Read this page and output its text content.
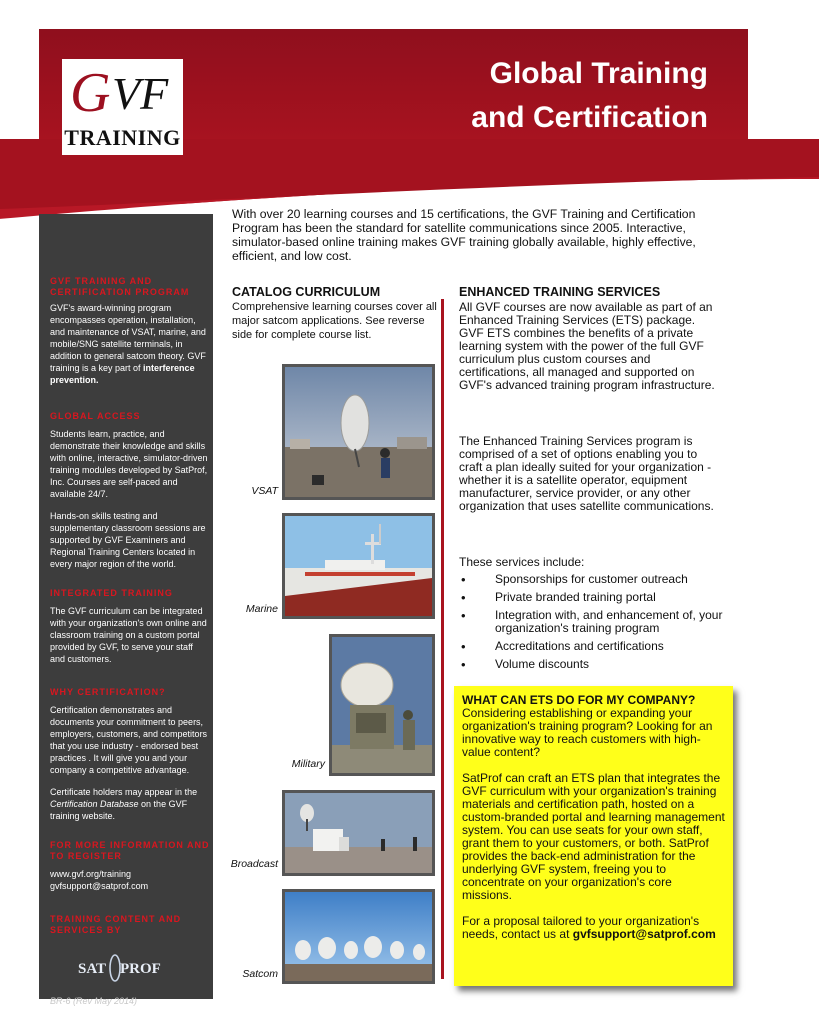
G VF
TRAINING
Global Training
and Certification
GVF TRAINING AND CERTIFICATION PROGRAM
GVF's award-winning program encompasses operation, installation, and maintenance of VSAT, marine, and mobile/SNG satellite terminals, in addition to general satcom theory. GVF training is a key part of interference prevention.
GLOBAL ACCESS
Students learn, practice, and demonstrate their knowledge and skills with online, interactive, simulator-driven training modules developed by SatProf, Inc. Courses are self-paced and available 24/7.
Hands-on skills testing and supplementary classroom sessions are supported by GVF Examiners and Regional Training Centers located in every major region of the world.
INTEGRATED TRAINING
The GVF curriculum can be integrated with your organization's own online and classroom training on a custom portal provided by GVF, to serve your staff and customers.
WHY CERTIFICATION?
Certification demonstrates and documents your commitment to peers, employers, customers, and competitors that you use industry - endorsed best practices . It will give you and your company a competitive advantage.
Certificate holders may appear in the Certification Database on the GVF training website.
FOR MORE INFORMATION AND TO REGISTER
www.gvf.org/training
gvfsupport@satprof.com
TRAINING CONTENT AND SERVICES BY
SAT PROF
BR-6 (Rev May 2014)
With over 20 learning courses and 15 certifications, the GVF Training and Certification Program has been the standard for satellite communications since 2005. Interactive, simulator-based online training makes GVF training globally available, highly effective, efficient, and low cost.
CATALOG CURRICULUM
Comprehensive learning courses cover all major satcom applications. See reverse side for complete course list.
VSAT
Marine
Military
Broadcast
Satcom
ENHANCED TRAINING SERVICES
All GVF courses are now available as part of an Enhanced Training Services (ETS) package. GVF ETS combines the benefits of a private learning system with the power of the full GVF curriculum plus custom courses and certifications, all managed and supported on GVF's advanced training program infrastructure.
The Enhanced Training Services program is comprised of a set of options enabling you to craft a plan ideally suited for your organization - whether it is a satellite operator, equipment manufacturer, service provider, or any other organization that uses satellite communications.
These services include:
• Sponsorships for customer outreach
• Private branded training portal
• Integration with, and enhancement of, your organization's training program
• Accreditations and certifications
• Volume discounts
WHAT CAN ETS DO FOR MY COMPANY?
Considering establishing or expanding your organization's training program? Looking for an innovative way to reach customers with high-value content?
SatProf can craft an ETS plan that integrates the GVF curriculum with your organization's training materials and certification path, hosted on a custom-branded portal and learning management system. You can use seats for your own staff, grant them to your customers, or both. SatProf provides the back-end administration for the underlying GVF system, freeing you to concentrate on your organization's core missions.
For a proposal tailored to your organization's needs, contact us at gvfsupport@satprof.com
